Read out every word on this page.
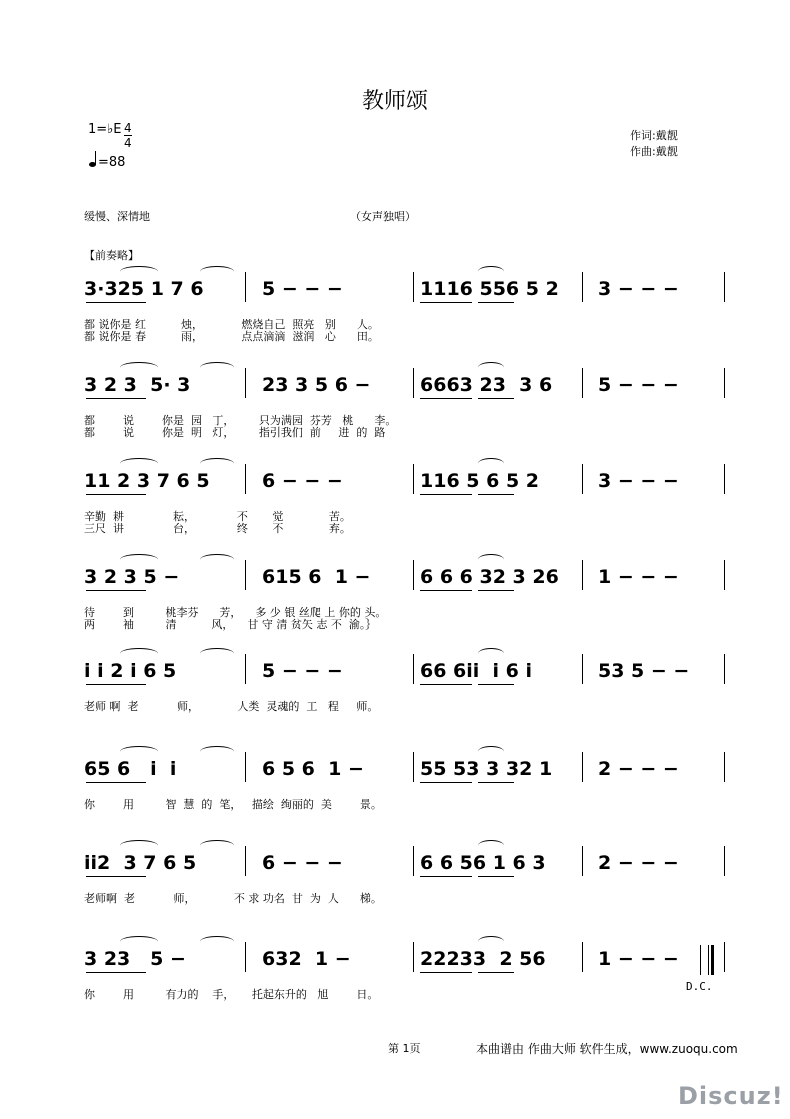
教师颂
1=♭E 4
4
=88
作词:戴靓
作曲:戴靓
缓慢、深情地	（女声独唱）
【前奏略】
3·325 1 7 6	5 − − −	1116 556 5 2 3 − − −
都 说你是 红          烛，           燃烧自己  照亮   别      人。
都 说你是 春          雨，           点点滴滴  滋润   心      田。
3 2 3  5· 3	23 3 5 6 −	6663 23  3 6 5 − − −
都        说        你是  园   丁，       只为满园  芬芳   桃      李。
都        说        你是  明   灯，       指引我们  前     进  的  路
11 2 3 7 6 5	6 − − −	116 5 6 5 2	3 − − −
辛勤  耕              耘，            不       觉             苦。
三尺  讲              台，            终       不             弃。
3 2 3 5 −	615 6  1 −	6 6 6 32 3 26 1 − − −
待        到         桃李芬      芳，    多 少 银 丝爬 上 你的 头。
两        袖         清          风，    甘 守 清 贫矢 志 不  渝。｝
i i 2 i 6 5	5 − − −	66 6ii  i 6 i	53 5 − −
老师 啊  老           师，           人类  灵魂的  工   程     师。
65 6   i  i	6 5 6  1 −	55 53 3 32 1 2 − − −
你        用         智  慧  的  笔，   描绘  绚丽的  美        景。
ii2  3 7 6 5	6 − − −	6 6 56 1 6 3	2 − − −
老师啊  老           师，           不 求 功名  甘  为  人      梯。
3 23   5 −	632  1 −	22233  2 56	1 − − −
你        用         有力的    手，     托起东升的   旭        日。
D.C.
第 1页	本曲谱由 作曲大师 软件生成，www.zuoqu.com
Discuz!
